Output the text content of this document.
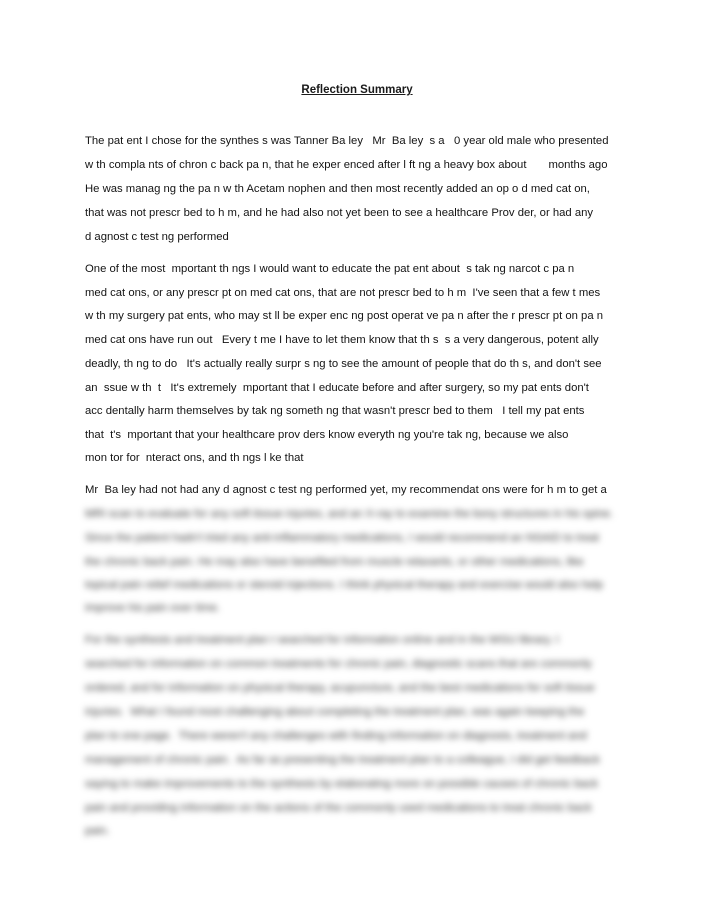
Reflection Summary
The pat ent I chose for the synthes s was Tanner Ba ley   Mr  Ba ley  s a   0 year old male who presented
w th compla nts of chron c back pa n, that he exper enced after l ft ng a heavy box about       months ago
He was manag ng the pa n w th Acetam nophen and then most recently added an op o d med cat on,
that was not prescr bed to h m, and he had also not yet been to see a healthcare Prov der, or had any
d agnost c test ng performed
One of the most  mportant th ngs I would want to educate the pat ent about  s tak ng narcot c pa n
med cat ons, or any prescr pt on med cat ons, that are not prescr bed to h m  I've seen that a few t mes
w th my surgery pat ents, who may st ll be exper enc ng post operat ve pa n after the r prescr pt on pa n
med cat ons have run out   Every t me I have to let them know that th s  s a very dangerous, potent ally
deadly, th ng to do   It's actually really surpr s ng to see the amount of people that do th s, and don't see
an  ssue w th  t   It's extremely  mportant that I educate before and after surgery, so my pat ents don't
acc dentally harm themselves by tak ng someth ng that wasn't prescr bed to them   I tell my pat ents
that  t's  mportant that your healthcare prov ders know everyth ng you're tak ng, because we also
mon tor for  nteract ons, and th ngs l ke that
Mr  Ba ley had not had any d agnost c test ng performed yet, my recommendat ons were for h m to get a
MRI scan to evaluate for any soft tissue injuries, and an X-ray to examine the bony structures in his spine.
Since the patient hadn't tried any anti-inflammatory medications, I would recommend an NSAID to treat
the chronic back pain. He may also have benefited from muscle relaxants, or other medications, like
topical pain relief medications or steroid injections. I think physical therapy and exercise would also help
improve his pain over time.
For the synthesis and treatment plan I searched for information online and in the WGU library. I
searched for information on common treatments for chronic pain, diagnostic scans that are commonly
ordered, and for information on physical therapy, acupuncture, and the best medications for soft tissue
injuries.  What I found most challenging about completing the treatment plan, was again keeping the
plan to one page.  There weren't any challenges with finding information on diagnosis, treatment and
management of chronic pain.  As far as presenting the treatment plan to a colleague, I did get feedback
saying to make improvements to the synthesis by elaborating more on possible causes of chronic back
pain and providing information on the actions of the commonly used medications to treat chronic back
pain.
